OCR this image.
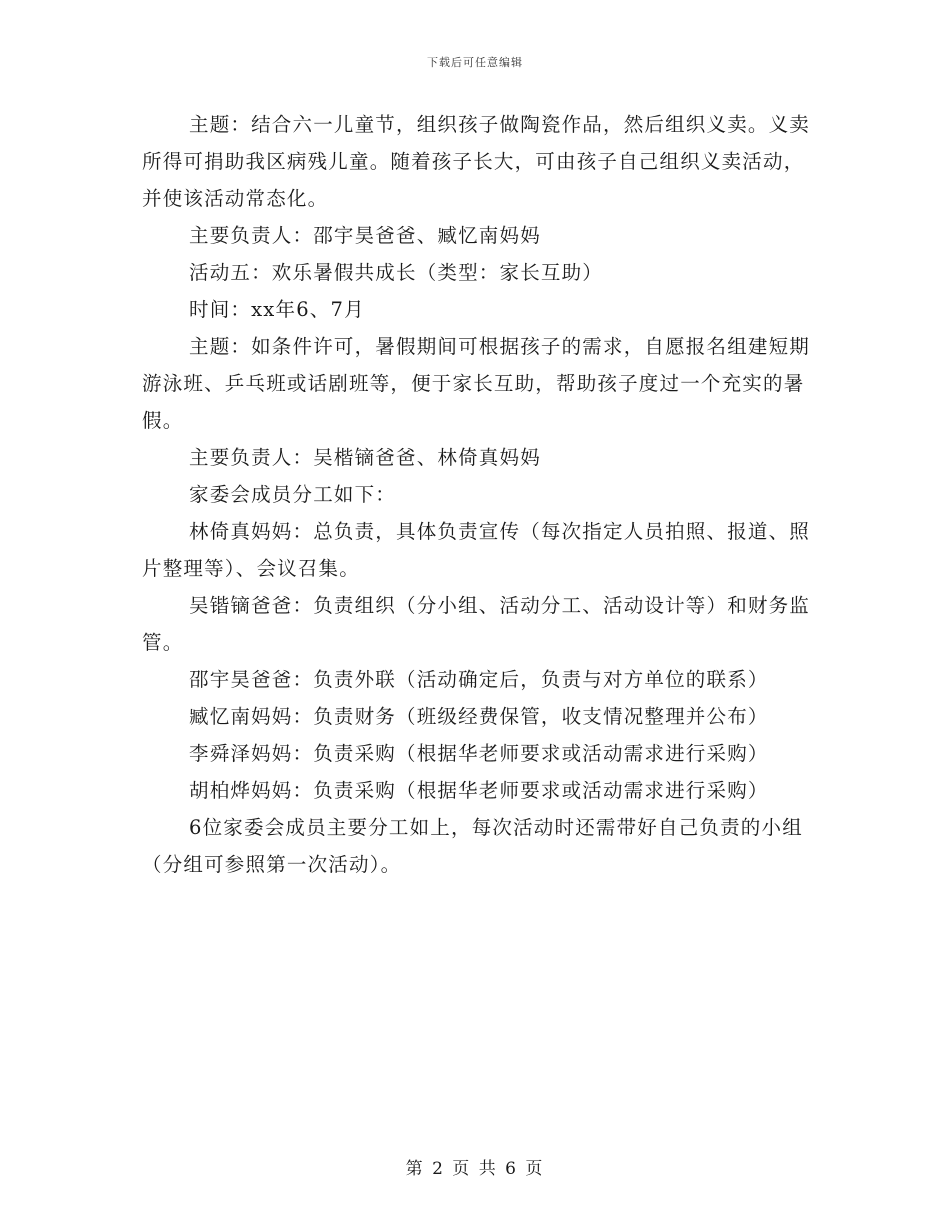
下载后可任意编辑

主题：结合六一儿童节，组织孩子做陶瓷作品，然后组织义卖。义卖所得可捐助我区病残儿童。随着孩子长大，可由孩子自己组织义卖活动，并使该活动常态化。

主要负责人：邵宇昊爸爸、臧忆南妈妈

活动五：欢乐暑假共成长（类型：家长互助）

时间：xx年6、7月

主题：如条件许可，暑假期间可根据孩子的需求，自愿报名组建短期游泳班、乒乓班或话剧班等，便于家长互助，帮助孩子度过一个充实的暑假。

主要负责人：吴楷镝爸爸、林倚真妈妈

家委会成员分工如下：

林倚真妈妈：总负责，具体负责宣传（每次指定人员拍照、报道、照片整理等）、会议召集。

吴锴镝爸爸：负责组织（分小组、活动分工、活动设计等）和财务监管。

邵宇昊爸爸：负责外联（活动确定后，负责与对方单位的联系）

臧忆南妈妈：负责财务（班级经费保管，收支情况整理并公布）

李舜泽妈妈：负责采购（根据华老师要求或活动需求进行采购）

胡柏烨妈妈：负责采购（根据华老师要求或活动需求进行采购）

6位家委会成员主要分工如上，每次活动时还需带好自己负责的小组（分组可参照第一次活动）。

第 2 页 共 6 页
